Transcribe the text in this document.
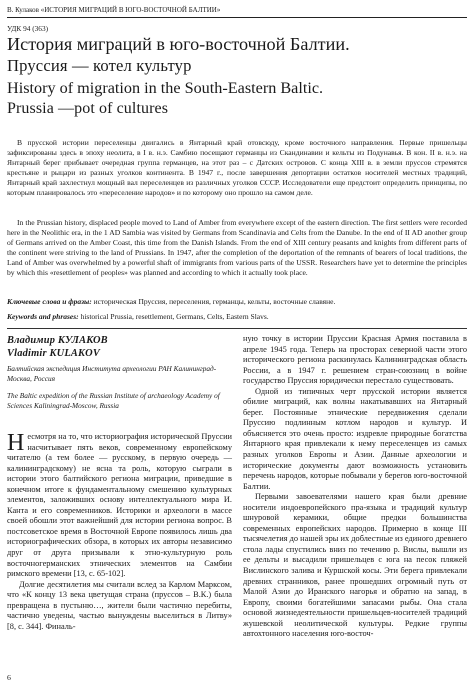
В. Кулаков «ИСТОРИЯ МИГРАЦИЙ В ЮГО-ВОСТОЧНОЙ БАЛТИИ»
УДК 94 (363)
История миграций в юго-восточной Балтии.
Пруссия — котел культур
History of migration in the South-Eastern Baltic.
Prussia —pot of cultures
В прусской истории переселенцы двигались в Янтарный край отовсюду, кроме восточного направления. Первые пришельцы зафиксированы здесь в эпоху неолита, в I в. н.э. Самбию посещают германцы из Скандинавии и кельты из Подунавья. В кон. II в. н.э. на Янтарный берег прибывает очередная группа германцев, на этот раз – с Датских островов. С конца XIII в. в земли пруссов стремятся крестьяне и рыцари из разных уголков континента. В 1947 г., после завершения депортации остатков носителей местных традиций, Янтарный край захлестнул мощный вал переселенцев из различных уголков СССР. Исследователи еще предстоит определить принципы, по которым планировалось это «переселение народов» и по которому оно прошло на самом деле.
In the Prussian history, displaced people moved to Land of Amber from everywhere except of the eastern direction. The first settlers were recorded here in the Neolithic era, in the 1 AD Sambia was visited by Germans from Scandinavia and Celts from the Danube. In the end of II AD another group of Germans arrived on the Amber Coast, this time from the Danish Islands. From the end of XIII century peasants and knights from different parts of the continent were striving to the land of Prussians. In 1947, after the completion of the deportation of the remnants of bearers of local traditions, the Land of Amber was overwhelmed by a powerful shaft of immigrants from various parts of the USSR. Researchers have yet to determine the principles by which this «resettlement of peoples» was planned and according to which it actually took place.
Ключевые слова и фразы: историческая Пруссия, переселения, германцы, кельты, восточные славяне.
Keywords and phrases: historical Prussia, resettlement, Germans, Celts, Eastern Slavs.
Владимир КУЛАКОВ
Vladimir KULAKOV
Балтийская экспедиция Института археологии РАН Калининград-Москва, Россия
The Baltic expedition of the Russian Institute of archaeology Academy of Sciences Kaliningrad-Moscow, Russia

Несмотря на то, что историография исторической Пруссии насчитывает пять веков, современному европейскому читателю (а тем более — русскому, в первую очередь — калининградскому) не ясна та роль, которую сыграли в истории этого балтийского региона миграции, приведшие в конечном итоге к фундаментальному смешению культурных элементов, заложивших основу интеллектуального мира И. Канта и его современников. Историки и археологи в массе своей обошли этот важнейший для истории региона вопрос. В постсоветское время в Восточной Европе появилось лишь два историографических обзора, в которых их авторы независимо друг от друга призывали к этно-культурную роль восточногерманских этнических элементов на Самбии римского времени [13, с. 65-102].

Долгие десятилетия мы считали вслед за Карлом Марксом, что «К концу 13 века цветущая страна (пруссов – В.К.) была превращена в пустыню…, жители были частично перебиты, частично уведены, частью вынуждены выселиться в Литву» [8, с. 344]. Финаль-

ную точку в истории Пруссии Красная Армия поставила в апреле 1945 года. Теперь на просторах северной части этого исторического региона раскинулась Калининградская область России, а в 1947 г. решением стран-союзниц в войне государство Пруссия юридически перестало существовать.

Одной из типичных черт прусской истории является обилие миграций, как волны накатывавших на Янтарный берег. Постоянные этнические передвижения сделали Пруссию подлинным котлом народов и культур. И объясняется это очень просто: издревле природные богатства Янтарного края привлекали к нему переселенцев из самых разных уголков Европы и Азии. Данные археологии и исторические документы дают возможность установить перечень народов, которые побывали у берегов юго-восточной Балтии.

Первыми завоевателями нашего края были древние носители индоевропейского пра-языка и традиций культур шнуровой керамики, общие предки большинства современных европейских народов. Примерно в конце III тысячелетия до нашей эры их доблестные из единого древнего стола лады спустились вниз по течению р. Вислы, вышли из ее дельты и высадили пришельцев с юга на песок пляжей Вислинского залива и Куршской косы. Эти берега привлекали древних странников, ранее прошедших огромный путь от Малой Азии до Иранского нагорья и обратно на запад, в Европу, своими богатейшими запасами рыбы. Она стала основой жизнедеятельности пришельцев-носителей традиций жушевской неолитической культуры. Редкие группы автохтонного населения юго-восточ-

6
